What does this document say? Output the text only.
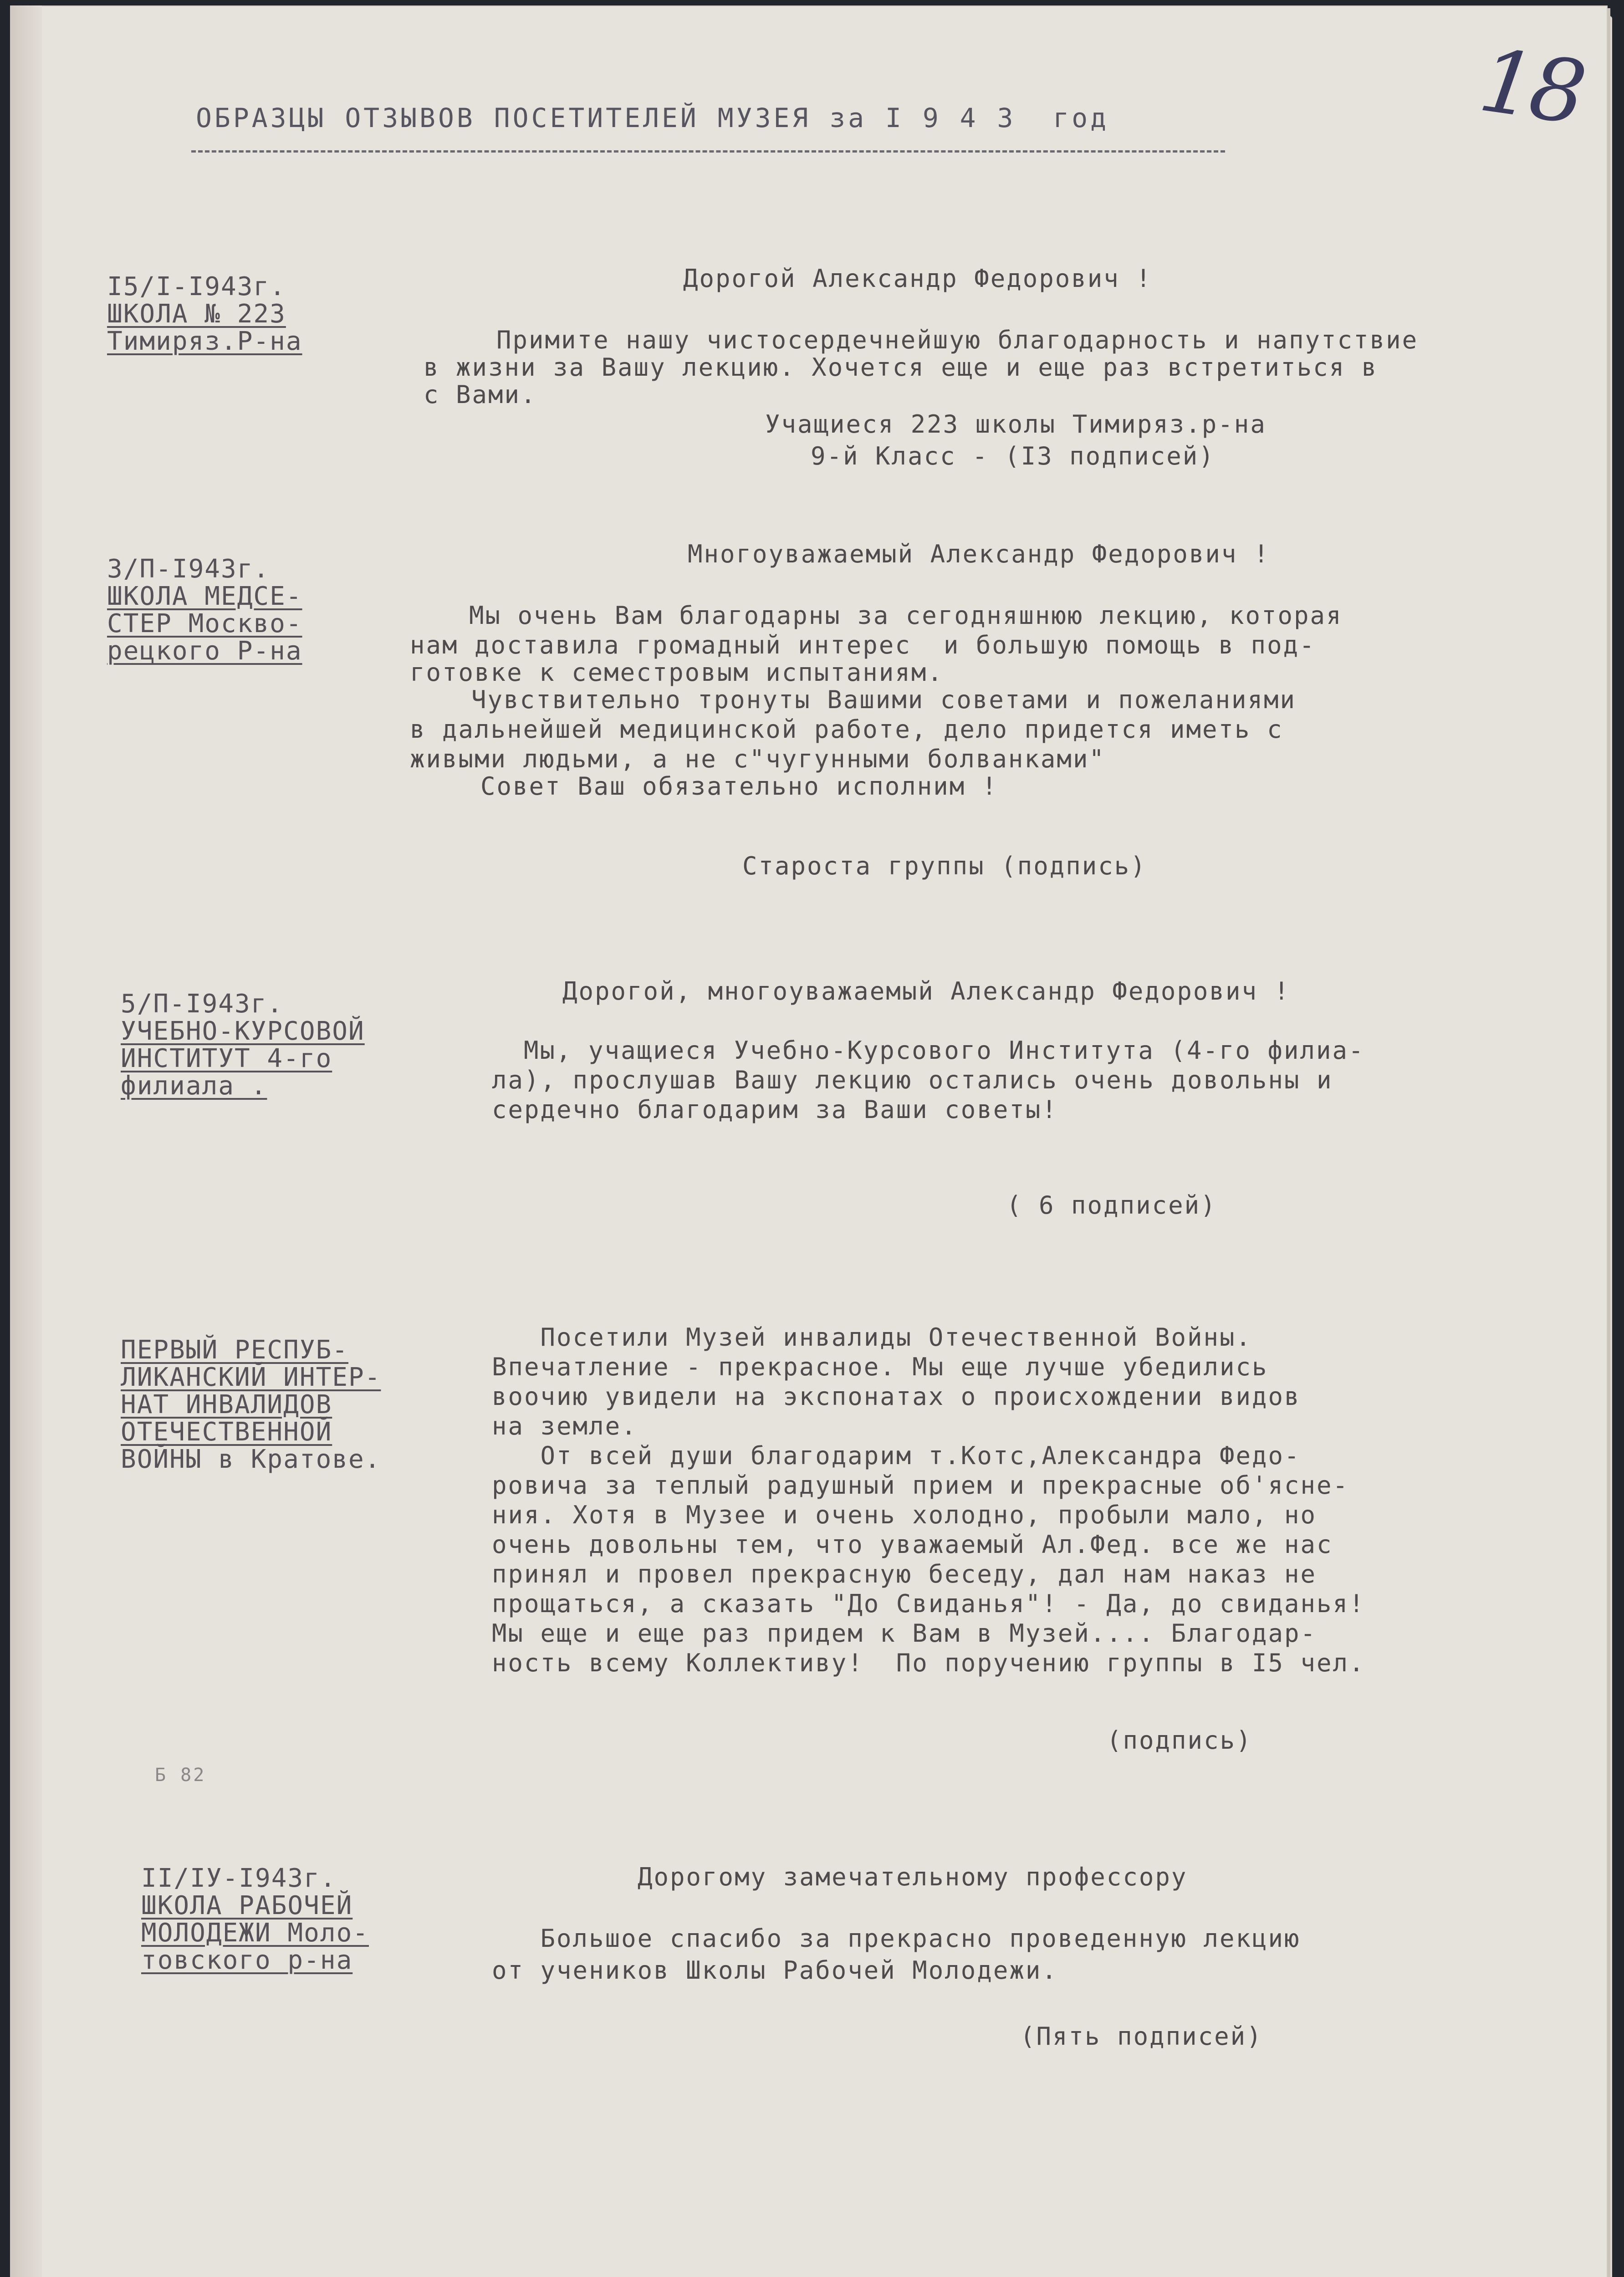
ОБРАЗЦЫ ОТЗЫВОВ ПОСЕТИТЕЛЕЙ МУЗЕЯ за I 9 4 3  год	18
Б 82
I5/I-I943г.
ШКОЛА № 223
Тимиряз.Р-на
Дорогой Александр Федорович !
Примите нашу чистосердечнейшую благодарность и напутствие
в жизни за Вашу лекцию. Хочется еще и еще раз встретиться в
с Вами.
Учащиеся 223 школы Тимиряз.р-на
9-й Класс - (I3 подписей)
3/П-I943г.
ШКОЛА МЕДСЕ-
СТЕР Москво-
рецкого Р-на
Многоуважаемый Александр Федорович !
Мы очень Вам благодарны за сегодняшнюю лекцию, которая
нам доставила громадный интерес  и большую помощь в под-
готовке к семестровым испытаниям.
Чувствительно тронуты Вашими советами и пожеланиями
в дальнейшей медицинской работе, дело придется иметь с
живыми людьми, а не с"чугунными болванками"
Совет Ваш обязательно исполним !
Староста группы (подпись)
5/П-I943г.
УЧЕБНО-КУРСОВОЙ
ИНСТИТУТ 4-го
филиала .
Дорогой, многоуважаемый Александр Федорович !
Мы, учащиеся Учебно-Курсового Института (4-го филиа-
ла), прослушав Вашу лекцию остались очень довольны и
сердечно благодарим за Ваши советы!
( 6 подписей)
ПЕРВЫЙ РЕСПУБ-
ЛИКАНСКИЙ ИНТЕР-
НАТ ИНВАЛИДОВ
ОТЕЧЕСТВЕННОЙ
ВОЙНЫ в Кратове.
Посетили Музей инвалиды Отечественной Войны.
Впечатление - прекрасное. Мы еще лучше убедились
воочию увидели на экспонатах о происхождении видов
на земле.
От всей души благодарим т.Котс,Александра Федо-
ровича за теплый радушный прием и прекрасные об'ясне-
ния. Хотя в Музее и очень холодно, пробыли мало, но
очень довольны тем, что уважаемый Ал.Фед. все же нас
принял и провел прекрасную беседу, дал нам наказ не
прощаться, а сказать "До Свиданья"! - Да, до свиданья!
Мы еще и еще раз придем к Вам в Музей.... Благодар-
ность всему Коллективу!  По поручению группы в I5 чел.
(подпись)
II/IУ-I943г.
ШКОЛА РАБОЧЕЙ
МОЛОДЕЖИ Моло-
товского р-на
Дорогому замечательному профессору
Большое спасибо за прекрасно проведенную лекцию
от учеников Школы Рабочей Молодежи.
(Пять подписей)
